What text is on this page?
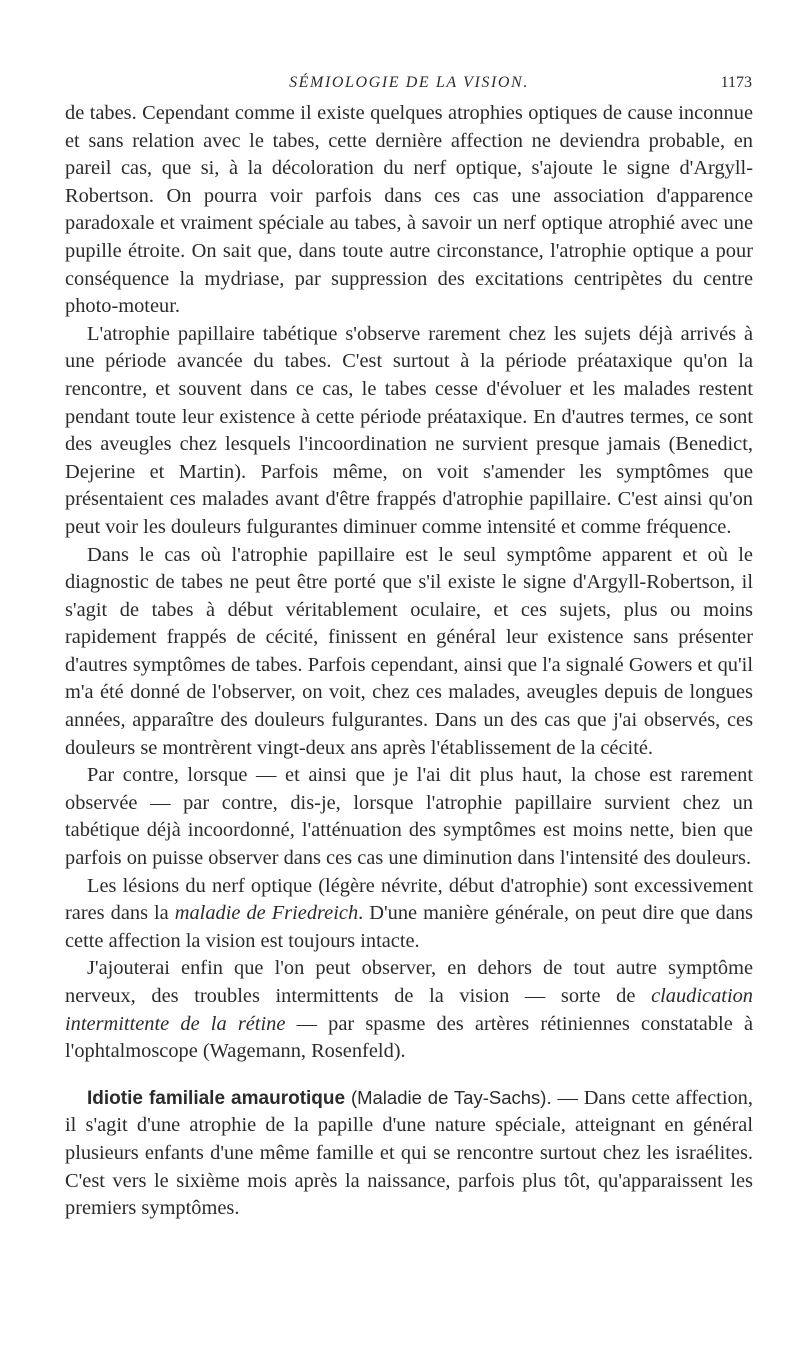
SÉMIOLOGIE DE LA VISION.	1173

de tabes. Cependant comme il existe quelques atrophies optiques de cause inconnue et sans relation avec le tabes, cette dernière affection ne deviendra probable, en pareil cas, que si, à la décoloration du nerf optique, s'ajoute le signe d'Argyll-Robertson. On pourra voir parfois dans ces cas une association d'apparence paradoxale et vraiment spéciale au tabes, à savoir un nerf optique atrophié avec une pupille étroite. On sait que, dans toute autre circonstance, l'atrophie optique a pour conséquence la mydriase, par suppression des excitations centripètes du centre photo-moteur.

L'atrophie papillaire tabétique s'observe rarement chez les sujets déjà arrivés à une période avancée du tabes. C'est surtout à la période préataxique qu'on la rencontre, et souvent dans ce cas, le tabes cesse d'évoluer et les malades restent pendant toute leur existence à cette période préataxique. En d'autres termes, ce sont des aveugles chez lesquels l'incoordination ne survient presque jamais (Benedict, Dejerine et Martin). Parfois même, on voit s'amender les symptômes que présentaient ces malades avant d'être frappés d'atrophie papillaire. C'est ainsi qu'on peut voir les douleurs fulgurantes diminuer comme intensité et comme fréquence.

Dans le cas où l'atrophie papillaire est le seul symptôme apparent et où le diagnostic de tabes ne peut être porté que s'il existe le signe d'Argyll-Robertson, il s'agit de tabes à début véritablement oculaire, et ces sujets, plus ou moins rapidement frappés de cécité, finissent en général leur existence sans présenter d'autres symptômes de tabes. Parfois cependant, ainsi que l'a signalé Gowers et qu'il m'a été donné de l'observer, on voit, chez ces malades, aveugles depuis de longues années, apparaître des douleurs fulgurantes. Dans un des cas que j'ai observés, ces douleurs se montrèrent vingt-deux ans après l'établissement de la cécité.

Par contre, lorsque — et ainsi que je l'ai dit plus haut, la chose est rarement observée — par contre, dis-je, lorsque l'atrophie papillaire survient chez un tabétique déjà incoordonné, l'atténuation des symptômes est moins nette, bien que parfois on puisse observer dans ces cas une diminution dans l'intensité des douleurs.

Les lésions du nerf optique (légère névrite, début d'atrophie) sont excessivement rares dans la maladie de Friedreich. D'une manière générale, on peut dire que dans cette affection la vision est toujours intacte.

J'ajouterai enfin que l'on peut observer, en dehors de tout autre symptôme nerveux, des troubles intermittents de la vision — sorte de claudication intermittente de la rétine — par spasme des artères rétiniennes constatable à l'ophtalmoscope (Wagemann, Rosenfeld).

Idiotie familiale amaurotique (Maladie de Tay-Sachs). — Dans cette affection, il s'agit d'une atrophie de la papille d'une nature spéciale, atteignant en général plusieurs enfants d'une même famille et qui se rencontre surtout chez les israélites. C'est vers le sixième mois après la naissance, parfois plus tôt, qu'apparaissent les premiers symptômes.
